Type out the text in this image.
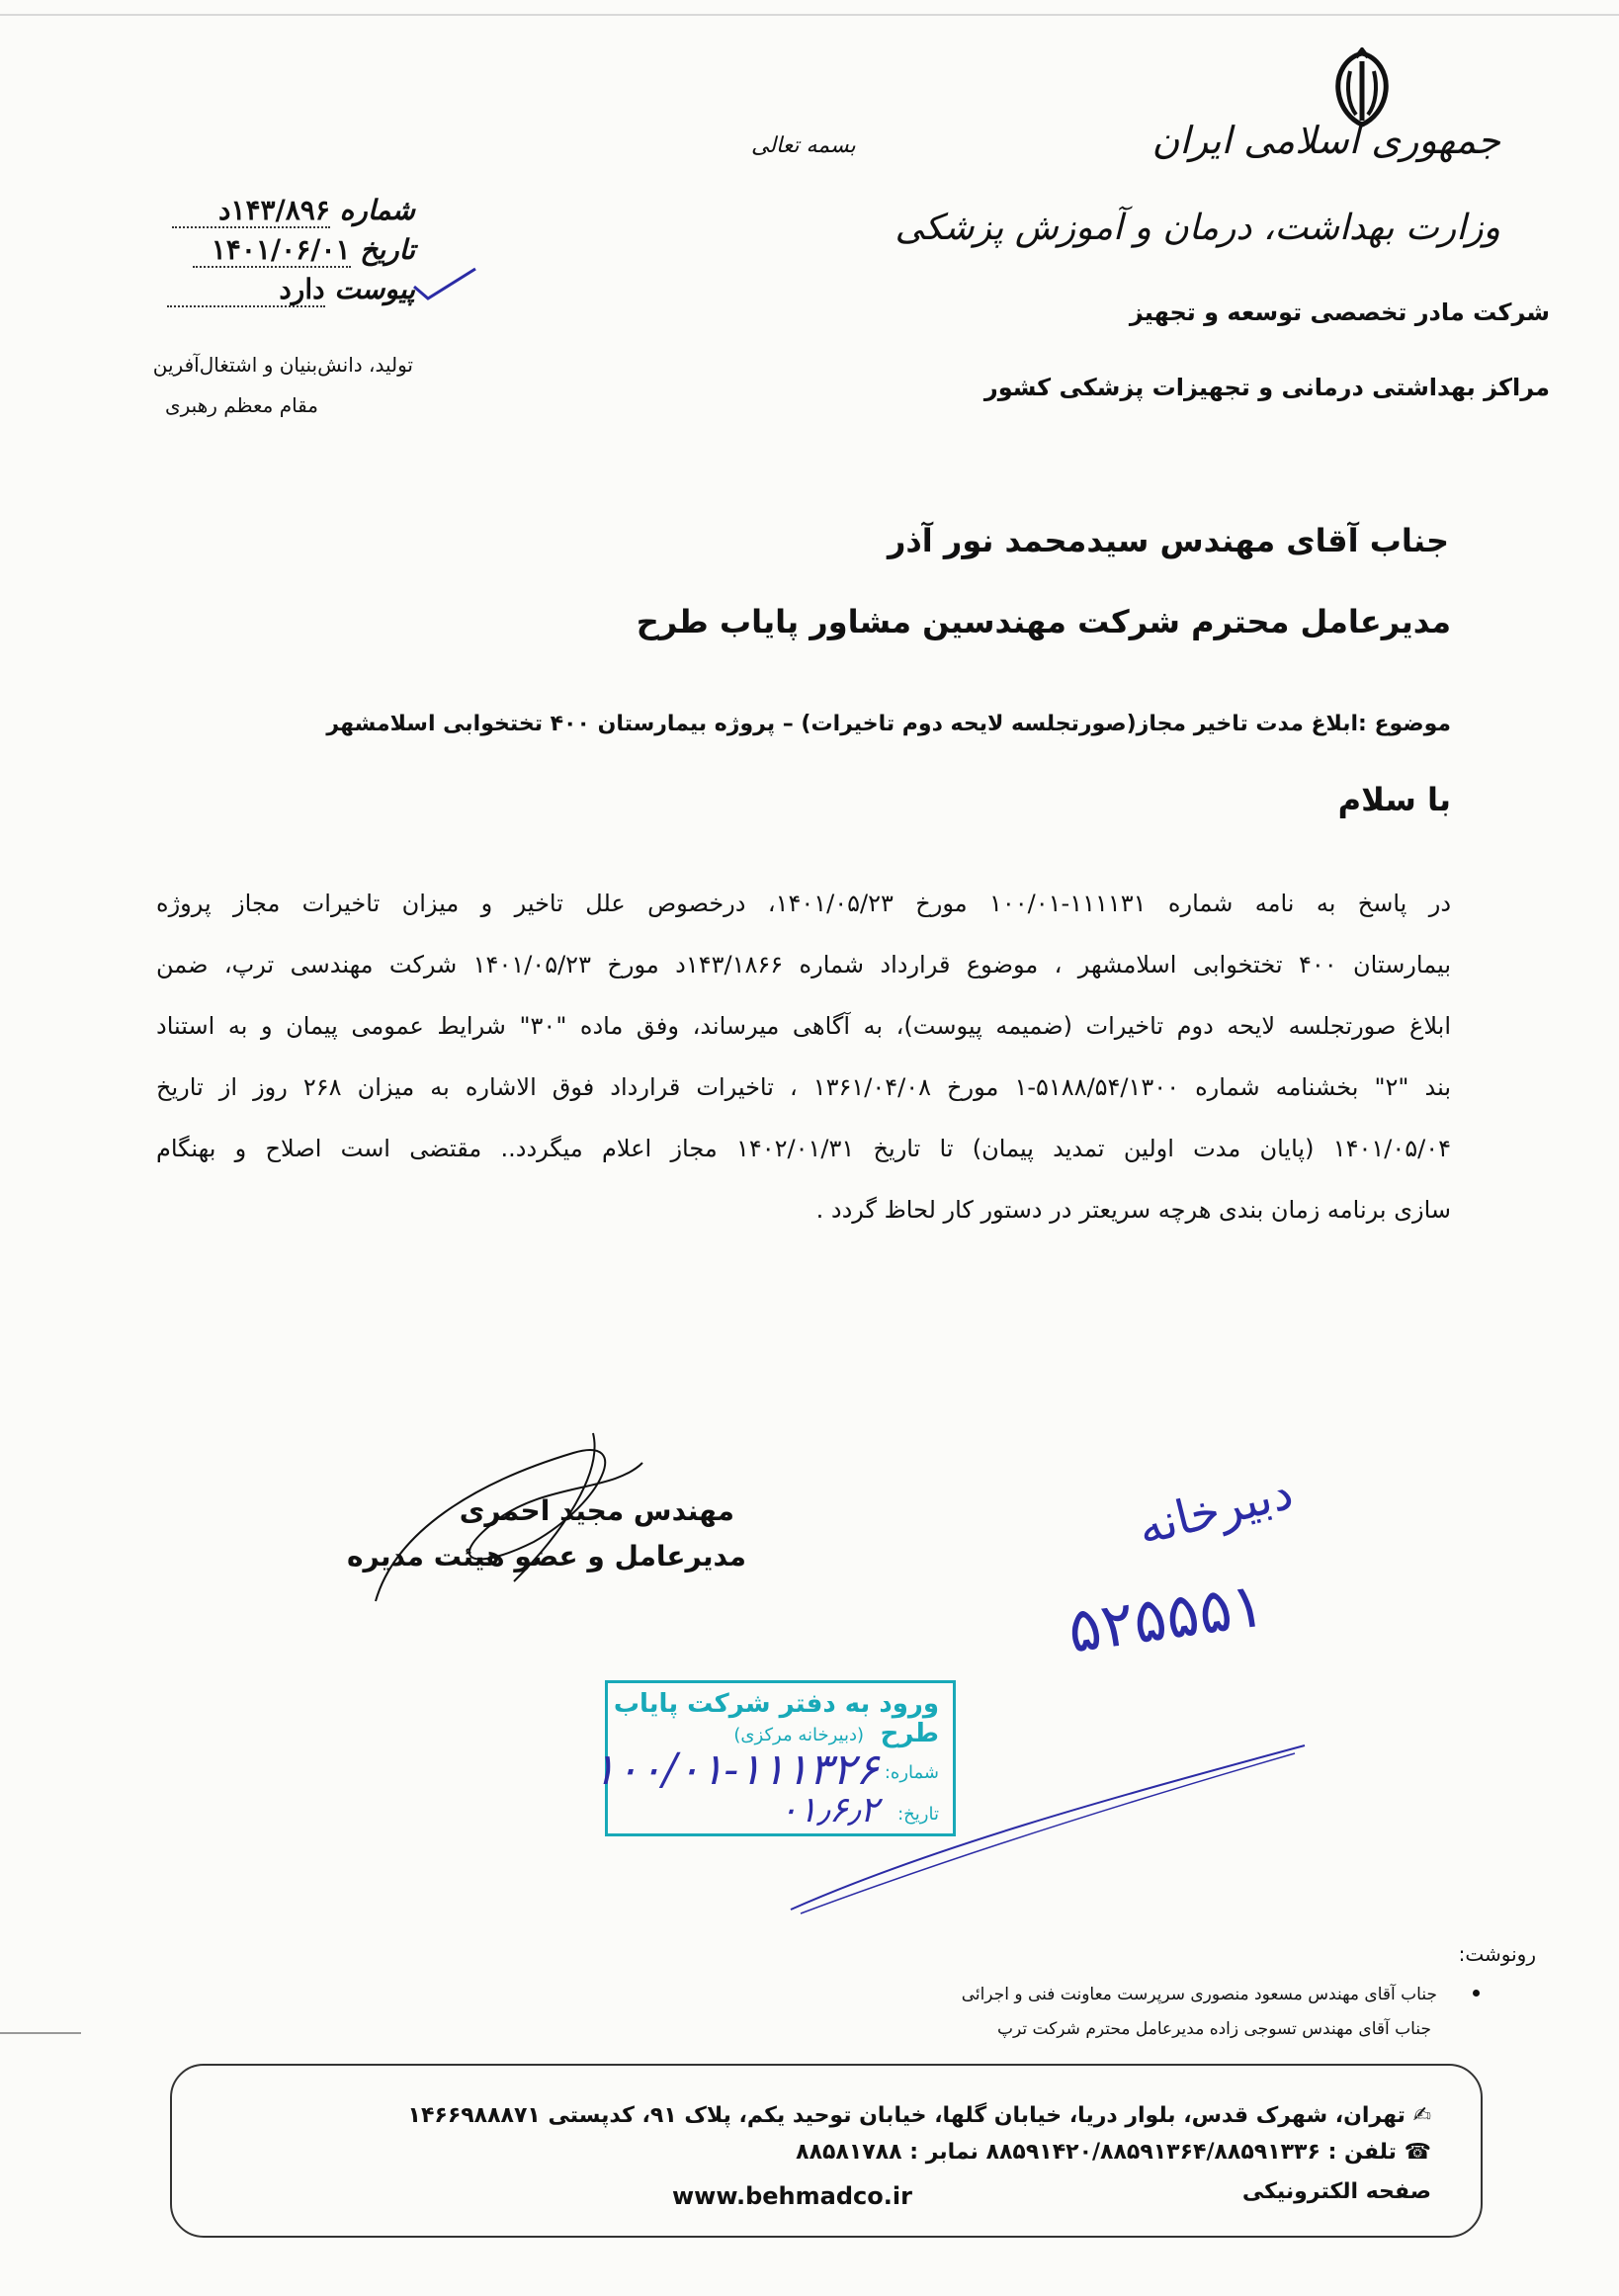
جمهوری اسلامی ایران
وزارت بهداشت، درمان و آموزش پزشکی
شرکت مادر تخصصی توسعه و تجهیز
مراکز بهداشتی درمانی و تجهیزات پزشکی کشور
بسمه تعالی
شماره ۱۴۳/۸۹۶د
تاریخ ۱۴۰۱/۰۶/۰۱
پیوست دارد
تولید، دانش‌بنیان و اشتغال‌آفرین
مقام معظم رهبری
جناب آقای مهندس سیدمحمد نور آذر
مدیرعامل محترم شرکت مهندسین مشاور پایاب طرح
موضوع :ابلاغ مدت تاخیر مجاز(صورتجلسه لایحه دوم تاخیرات) – پروژه بیمارستان ۴۰۰ تختخوابی اسلامشهر
با سلام
در پاسخ به نامه شماره ۱۱۱۱۳۱-۱۰۰/۰۱ مورخ ۱۴۰۱/۰۵/۲۳، درخصوص علل تاخیر و میزان تاخیرات مجاز پروژه
بیمارستان ۴۰۰ تختخوابی اسلامشهر ، موضوع قرارداد شماره ۱۴۳/۱۸۶۶د مورخ ۱۴۰۱/۰۵/۲۳ شرکت مهندسی ترپ، ضمن
ابلاغ صورتجلسه لایحه دوم تاخیرات (ضمیمه پیوست)، به آگاهی میرساند، وفق ماده "۳۰" شرایط عمومی پیمان و به استناد
بند "۲" بخشنامه شماره ۵۱۸۸/۵۴/۱۳۰۰-۱ مورخ ۱۳۶۱/۰۴/۰۸ ، تاخیرات قرارداد فوق الاشاره به میزان ۲۶۸ روز از تاریخ
۱۴۰۱/۰۵/۰۴ (پایان مدت اولین تمدید پیمان) تا تاریخ ۱۴۰۲/۰۱/۳۱ مجاز اعلام میگردد.. مقتضی است اصلاح و بهنگام
سازی برنامه زمان بندی هرچه سریعتر در دستور کار لحاظ گردد .
مهندس مجید احمری
مدیرعامل و عضو هیئت مدیره
دبیرخانه
۵۲۵۵۵۱
ورود به دفتر شرکت پایاب طرح
(دبیرخانه مرکزی)
شماره:
تاریخ:
۱۰۰/۰۱-۱۱۱۳۲۶
۰۱٫۶٫۲
رونوشت:
جناب آقای مهندس مسعود منصوری سرپرست معاونت فنی و اجرائی
جناب آقای مهندس تسوجی زاده مدیرعامل محترم شرکت ترپ
✍ تهران، شهرک قدس، بلوار دریا، خیابان گلها، خیابان توحید یکم، پلاک ۹۱، کدپستی ۱۴۶۶۹۸۸۸۷۱
☎ تلفن : ۸۸۵۹۱۴۲۰/۸۸۵۹۱۳۶۴/۸۸۵۹۱۳۳۶ نمابر : ۸۸۵۸۱۷۸۸
صفحه الکترونیکی
www.behmadco.ir
